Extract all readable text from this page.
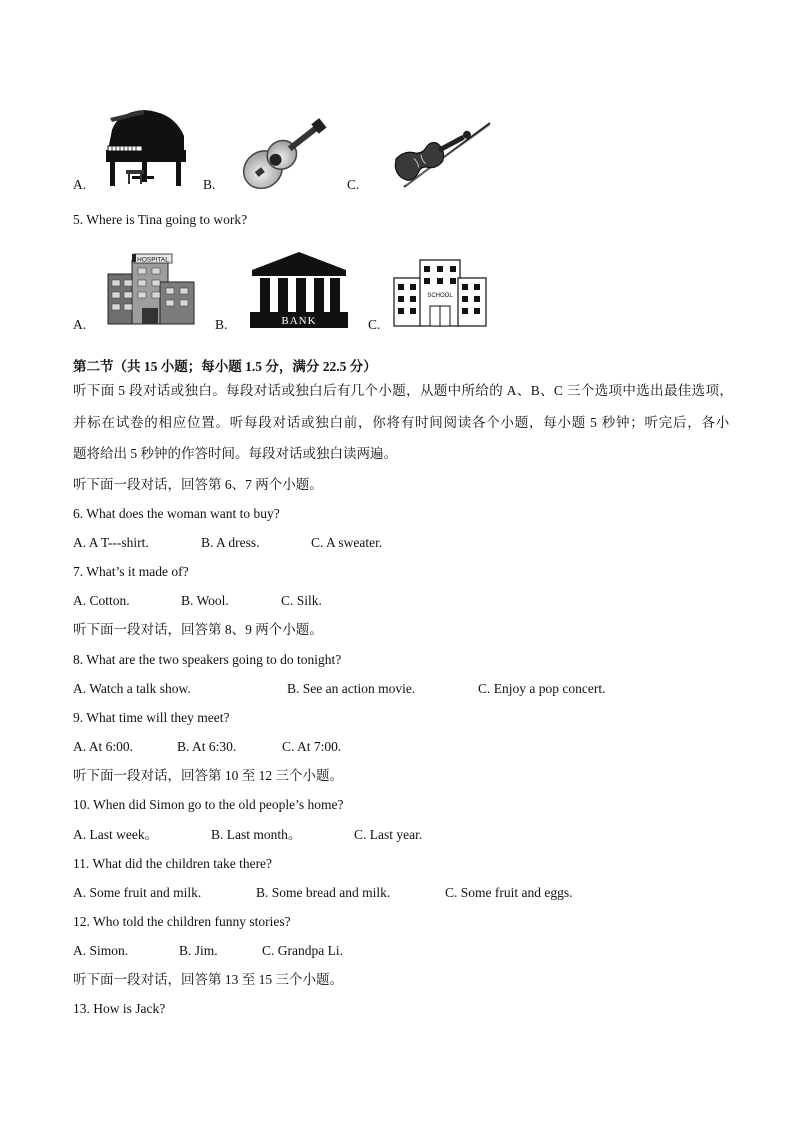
A.	B.	C.
5. Where is Tina going to work?
HOSPITAL
A.	BANK
B.
SCHOOL
C.
第二节（共 15 小题；每小题 1.5 分，满分 22.5 分）
听下面 5 段对话或独白。每段对话或独白后有几个小题，从题中所给的 A、B、C 三个选项中选出最佳选项，
并标在试卷的相应位置。听每段对话或独白前，你将有时间阅读各个小题，每小题 5 秒钟；听完后，各小
题将给出 5 秒钟的作答时间。每段对话或独白读两遍。
听下面一段对话，回答第 6、7 两个小题。
6. What does the woman want to buy?
A. A T---shirt.	B. A dress.	C. A sweater.
7. What’s it made of?
A. Cotton.	B. Wool.	C. Silk.
听下面一段对话，回答第 8、9 两个小题。
8. What are the two speakers going to do tonight?
A. Watch a talk show.	B. See an action movie.	C. Enjoy a pop concert.
9. What time will they meet?
A. At 6:00.	B. At 6:30.	C. At 7:00.
听下面一段对话，回答第 10 至 12 三个小题。
10. When did Simon go to the old people’s home?
A. Last week。	B. Last month。	C. Last year.
11. What did the children take there?
A. Some fruit and milk.	B. Some bread and milk.	C. Some fruit and eggs.
12. Who told the children funny stories?
A. Simon.	B. Jim.	C. Grandpa Li.
听下面一段对话，回答第 13 至 15 三个小题。
13. How is Jack?
